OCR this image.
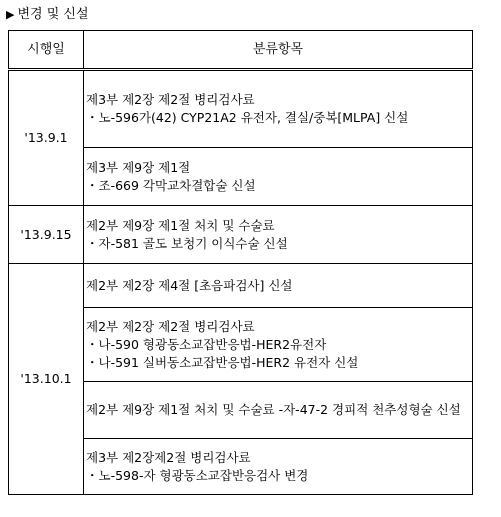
▶ 변경 및 신설
시행일	분류항목
'13.9.1	제3부 제2장 제2절 병리검사료
・노-596가(42) CYP21A2 유전자, 결실/중복[MLPA] 신설

	제3부 제9장 제1절
・조-669 각막교차결합술 신설

'13.9.15	제2부 제9장 제1절 처치 및 수술료
・자-581 골도 보청기 이식수술 신설

'13.10.1	제2부 제2장 제4절 [초음파검사] 신설

	제2부 제2장 제2절 병리검사료
・나-590 형광동소교잡반응법-HER2유전자
・나-591 실버동소교잡반응법-HER2 유전자 신설

	제2부 제9장 제1절 처치 및 수술료 -자-47-2 경피적 천추성형술 신설

	제3부 제2장제2절 병리검사료
・노-598-자 형광동소교잡반응검사 변경
